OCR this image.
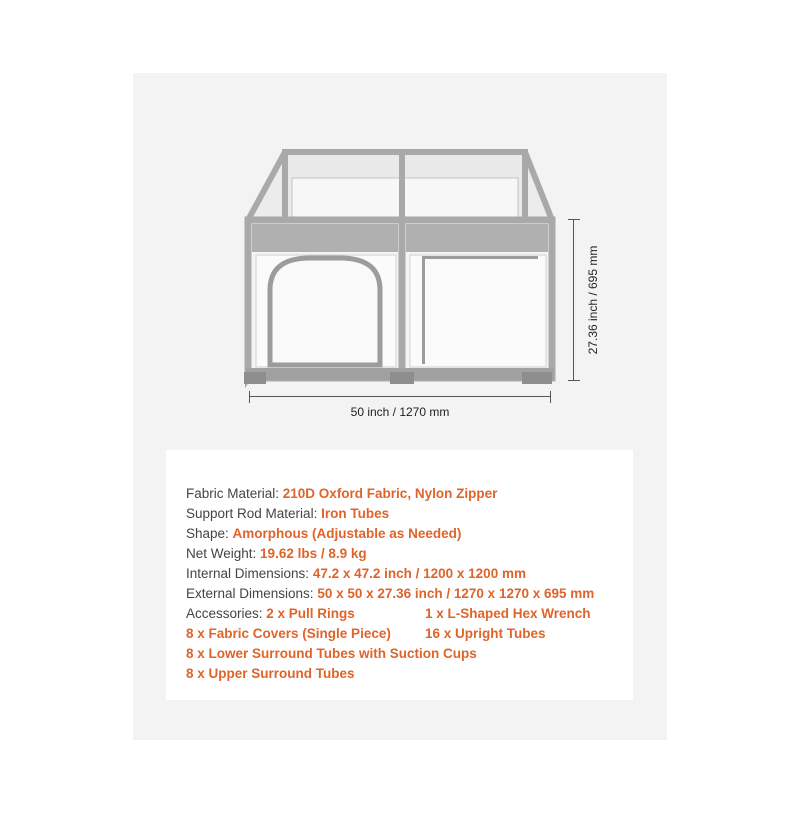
50 inch / 1270 mm
27.36 inch / 695 mm
Fabric Material: 210D Oxford Fabric, Nylon Zipper
Support Rod Material: Iron Tubes
Shape: Amorphous (Adjustable as Needed)
Net Weight: 19.62 lbs / 8.9 kg
Internal Dimensions: 47.2 x 47.2 inch / 1200 x 1200 mm
External Dimensions: 50 x 50 x 27.36 inch / 1270 x 1270 x 695 mm
Accessories: 2 x Pull Rings	1 x L-Shaped Hex Wrench
8 x Fabric Covers (Single Piece)	16 x Upright Tubes
8 x Lower Surround Tubes with Suction Cups
8 x Upper Surround Tubes
